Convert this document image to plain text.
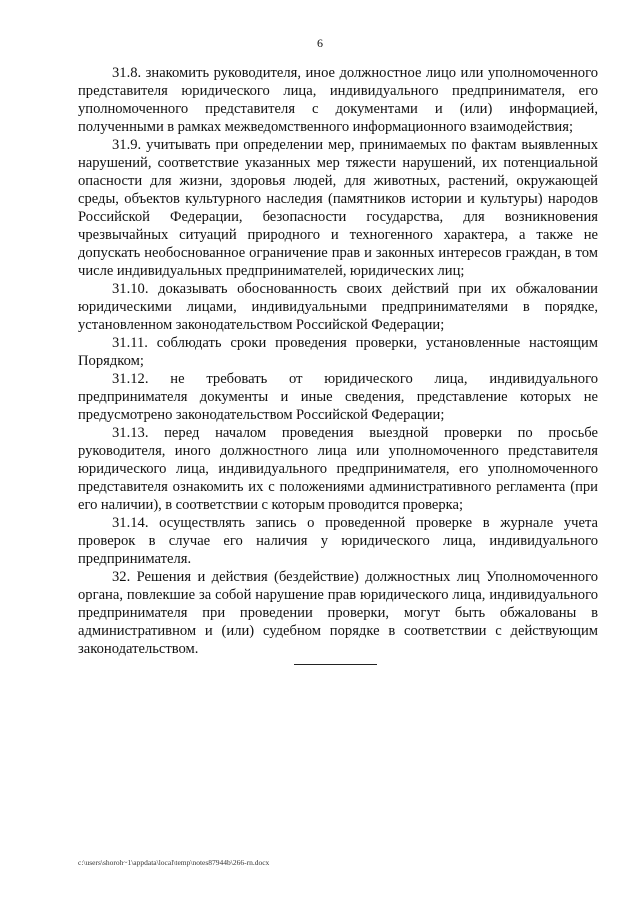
6

31.8. знакомить руководителя, иное должностное лицо или уполномоченного представителя юридического лица, индивидуального предпринимателя, его уполномоченного представителя с документами и (или) информацией, полученными в рамках межведомственного информационного взаимодействия;

31.9. учитывать при определении мер, принимаемых по фактам выявленных нарушений, соответствие указанных мер тяжести нарушений, их потенциальной опасности для жизни, здоровья людей, для животных, растений, окружающей среды, объектов культурного наследия (памятников истории и культуры) народов Российской Федерации, безопасности государства, для возникновения чрезвычайных ситуаций природного и техногенного характера, а также не допускать необоснованное ограничение прав и законных интересов граждан, в том числе индивидуальных предпринимателей, юридических лиц;

31.10. доказывать обоснованность своих действий при их обжаловании юридическими лицами, индивидуальными предпринимателями в порядке, установленном законодательством Российской Федерации;

31.11. соблюдать сроки проведения проверки, установленные настоящим Порядком;

31.12. не требовать от юридического лица, индивидуального предпринимателя документы и иные сведения, представление которых не предусмотрено законодательством Российской Федерации;

31.13. перед началом проведения выездной проверки по просьбе руководителя, иного должностного лица или уполномоченного представителя юридического лица, индивидуального предпринимателя, его уполномоченного представителя ознакомить их с положениями административного регламента (при его наличии), в соответствии с которым проводится проверка;

31.14. осуществлять запись о проведенной проверке в журнале учета проверок в случае его наличия у юридического лица, индивидуального предпринимателя.

32. Решения и действия (бездействие) должностных лиц Уполномоченного органа, повлекшие за собой нарушение прав юридического лица, индивидуального предпринимателя при проведении проверки, могут быть обжалованы в административном и (или) судебном порядке в соответствии с действующим законодательством.

c:\users\shoroh~1\appdata\local\temp\notes87944b\266-rn.docx
